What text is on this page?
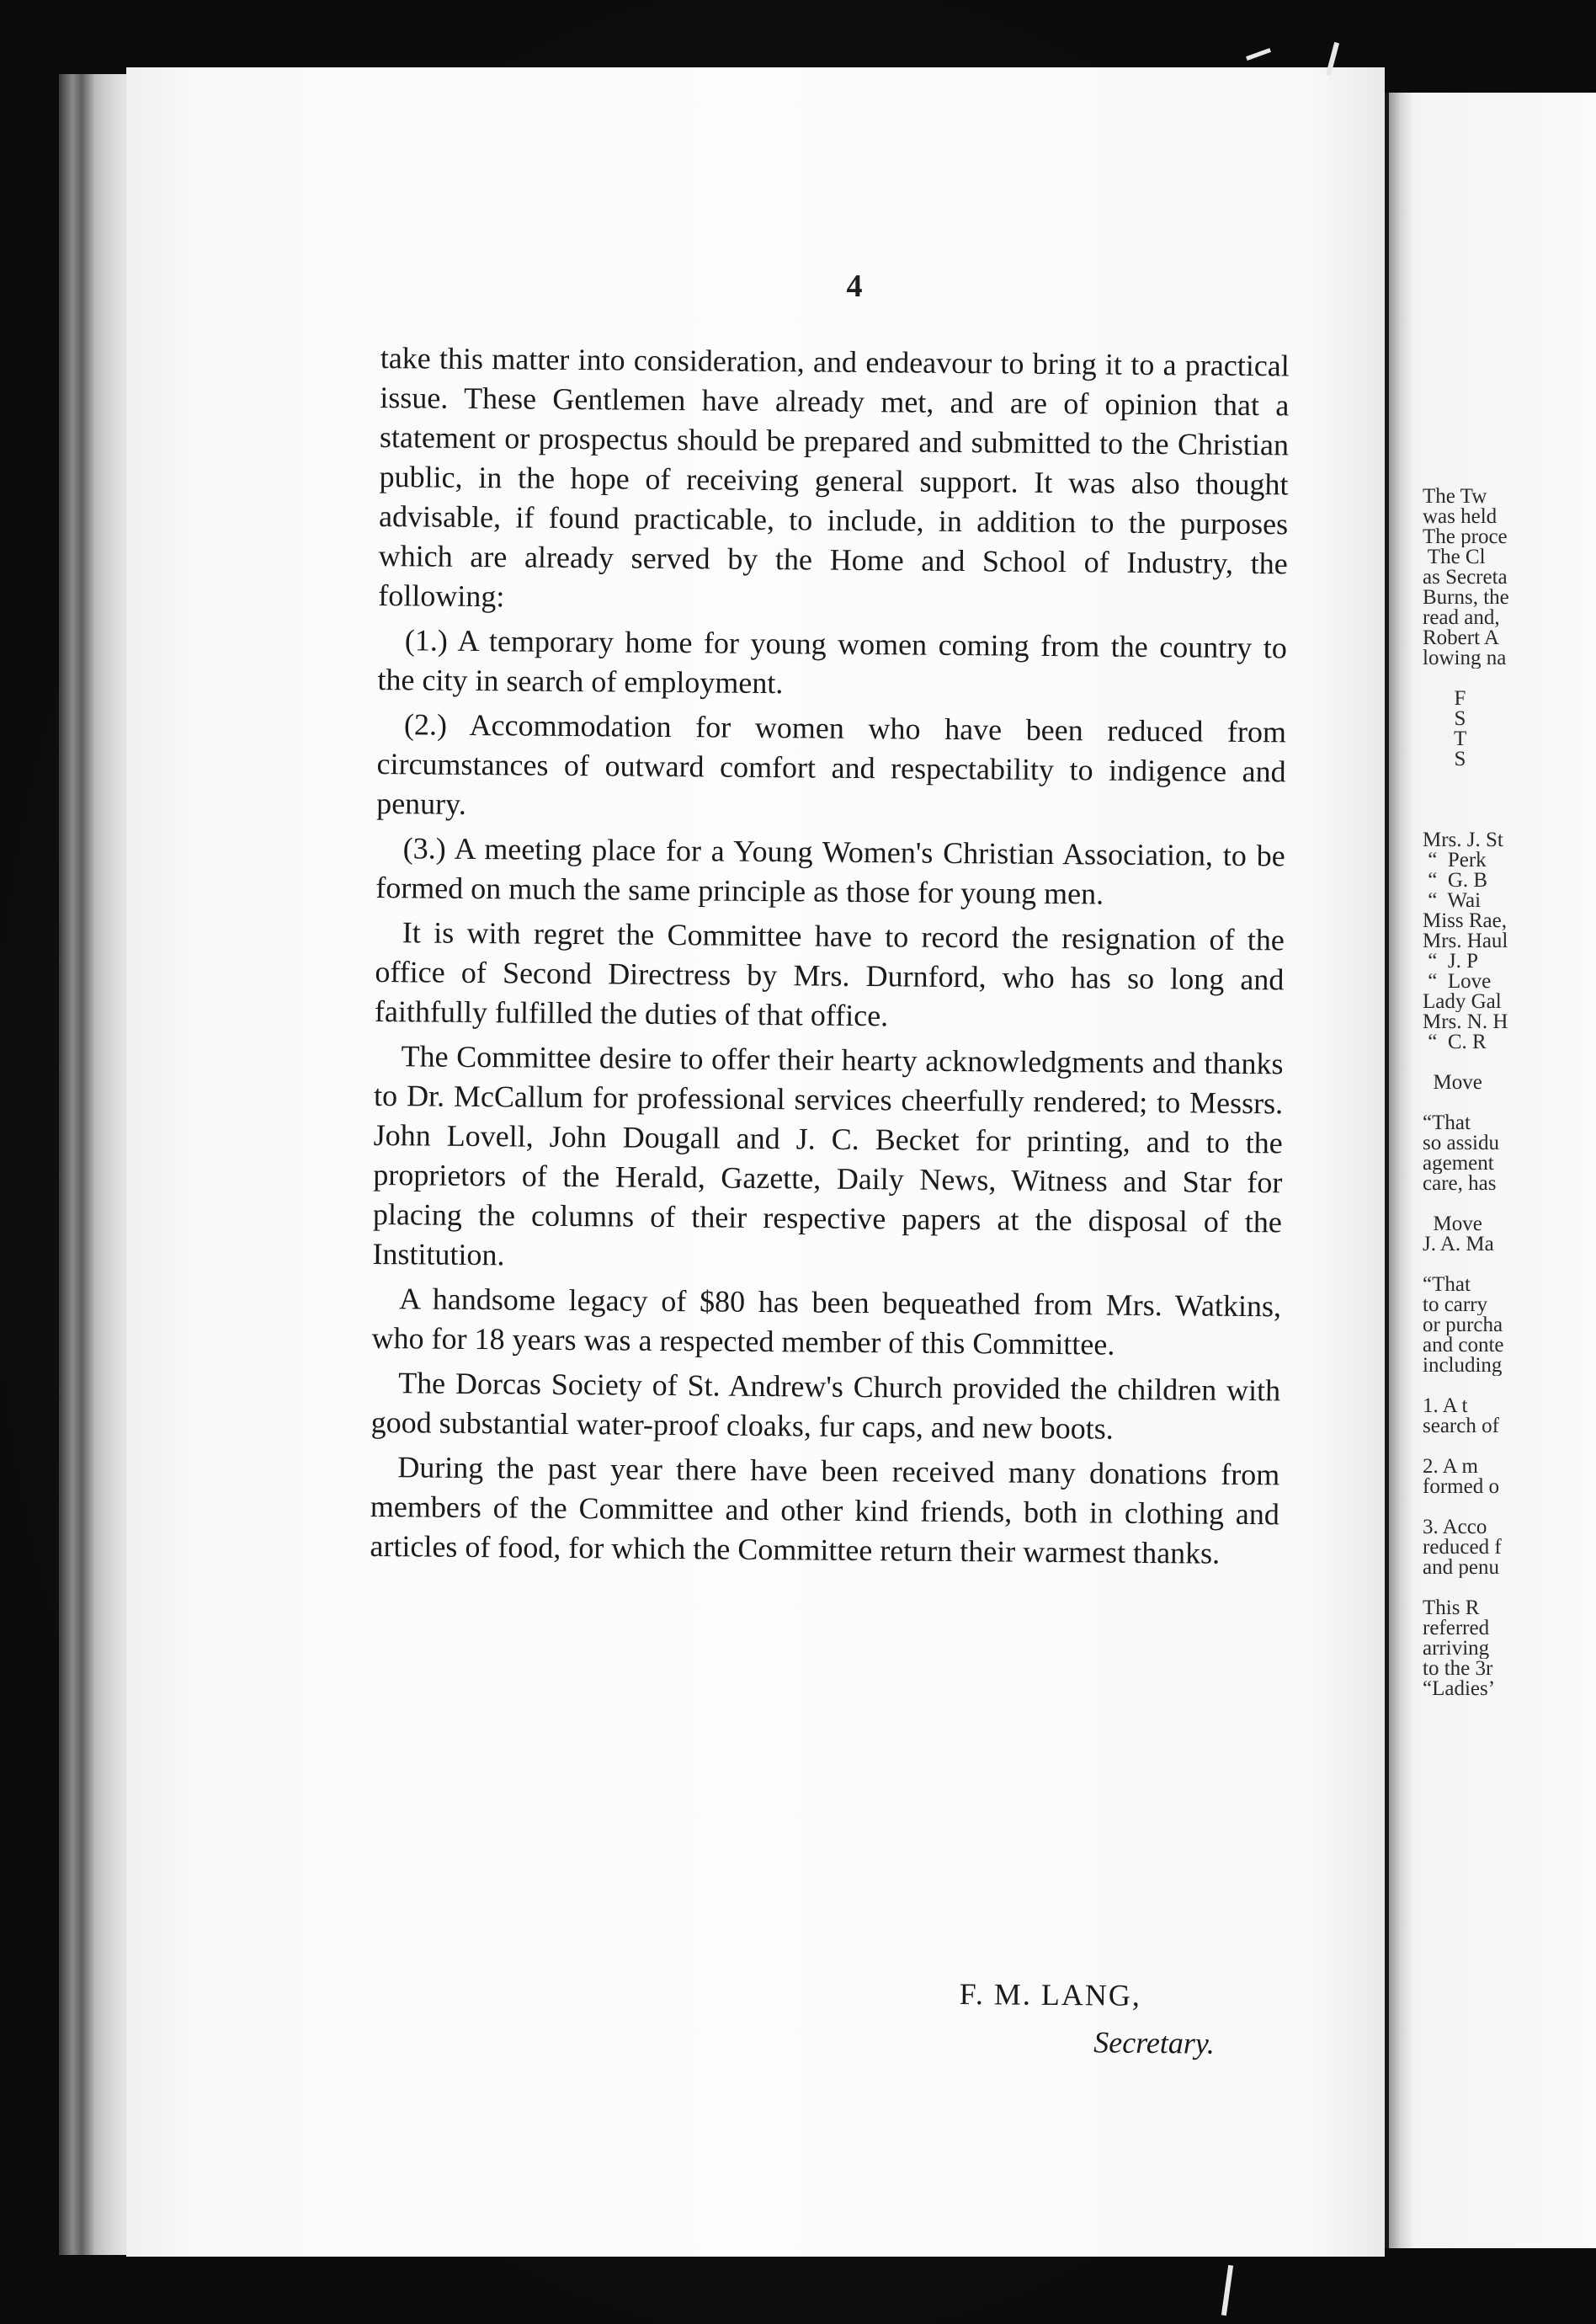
4

take this matter into consideration, and endeavour to bring it to a practical issue. These Gentlemen have already met, and are of opinion that a statement or prospectus should be prepared and submitted to the Christian public, in the hope of receiving general support. It was also thought advisable, if found practicable, to include, in addition to the purposes which are already served by the Home and School of Industry, the following:

(1.) A temporary home for young women coming from the country to the city in search of employment.

(2.) Accommodation for women who have been reduced from circumstances of outward comfort and respectability to indigence and penury.

(3.) A meeting place for a Young Women's Christian Association, to be formed on much the same principle as those for young men.

It is with regret the Committee have to record the resignation of the office of Second Directress by Mrs. Durnford, who has so long and faithfully fulfilled the duties of that office.

The Committee desire to offer their hearty acknowledgments and thanks to Dr. McCallum for professional services cheerfully rendered; to Messrs. John Lovell, John Dougall and J. C. Becket for printing, and to the proprietors of the Herald, Gazette, Daily News, Witness and Star for placing the columns of their respective papers at the disposal of the Institution.

A handsome legacy of $80 has been bequeathed from Mrs. Watkins, who for 18 years was a respected member of this Committee.

The Dorcas Society of St. Andrew's Church provided the children with good substantial water-proof cloaks, fur caps, and new boots.

During the past year there have been received many donations from members of the Committee and other kind friends, both in clothing and articles of food, for which the Committee return their warmest thanks.

F. M. LANG,
Secretary.
The Tw
was held
The proce
The Cl
as Secreta
Burns, the
read and,
Robert A
lowing na
F
S
T
S
Mrs. J. St
“  Perk
“  G. B
“  Wai
Miss Rae,
Mrs. Haul
“  J. P
“  Love
Lady Gal
Mrs. N. H
“  C. R
Move
“That
so assidu
agement
care, has
Move
J. A. Ma
“That
to carry
or purcha
and conte
including
1. A t
search of
2. A m
formed o
3. Acco
reduced f
and penu
This R
referred
arriving
to the 3r
“Ladies’
